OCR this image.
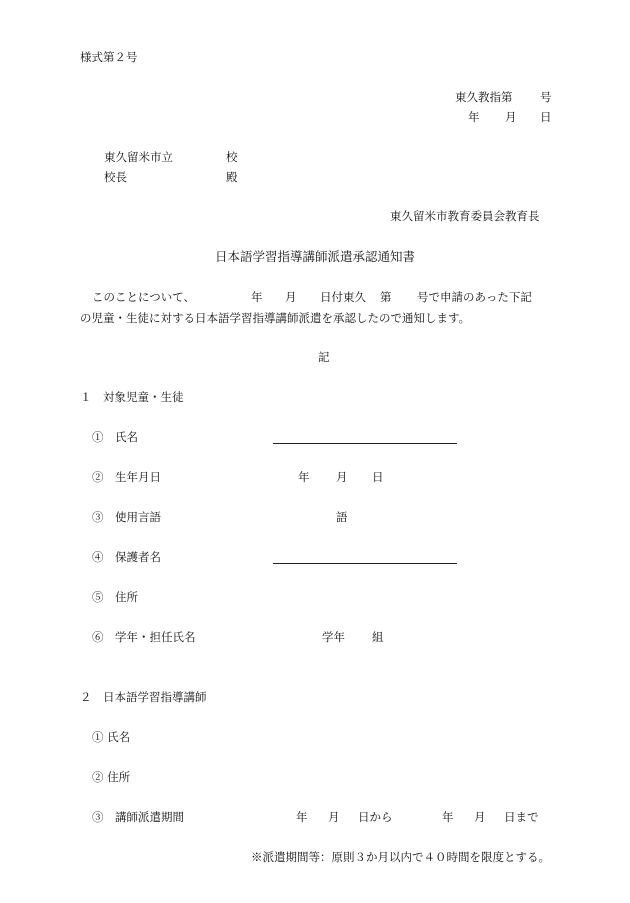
様式第２号
東久教指第 号
年 月 日
東久留米市立	校
校長	殿
東久留米市教育委員会教育長
日本語学習指導講師派遣承認通知書
このことについて、	年 月 日付東久 第 号で申請のあった下記
の児童・生徒に対する日本語学習指導講師派遣を承認したので通知します。
記
１　対象児童・生徒
①　氏名
②　生年月日	年 月 日
③　使用言語	語
④　保護者名
⑤　住所
⑥　学年・担任氏名	学年 組
２　日本語学習指導講師
① 氏名
② 住所
③　講師派遣期間	年 月 日から	年 月 日まで
※派遣期間等：原則３か月以内で４０時間を限度とする。
